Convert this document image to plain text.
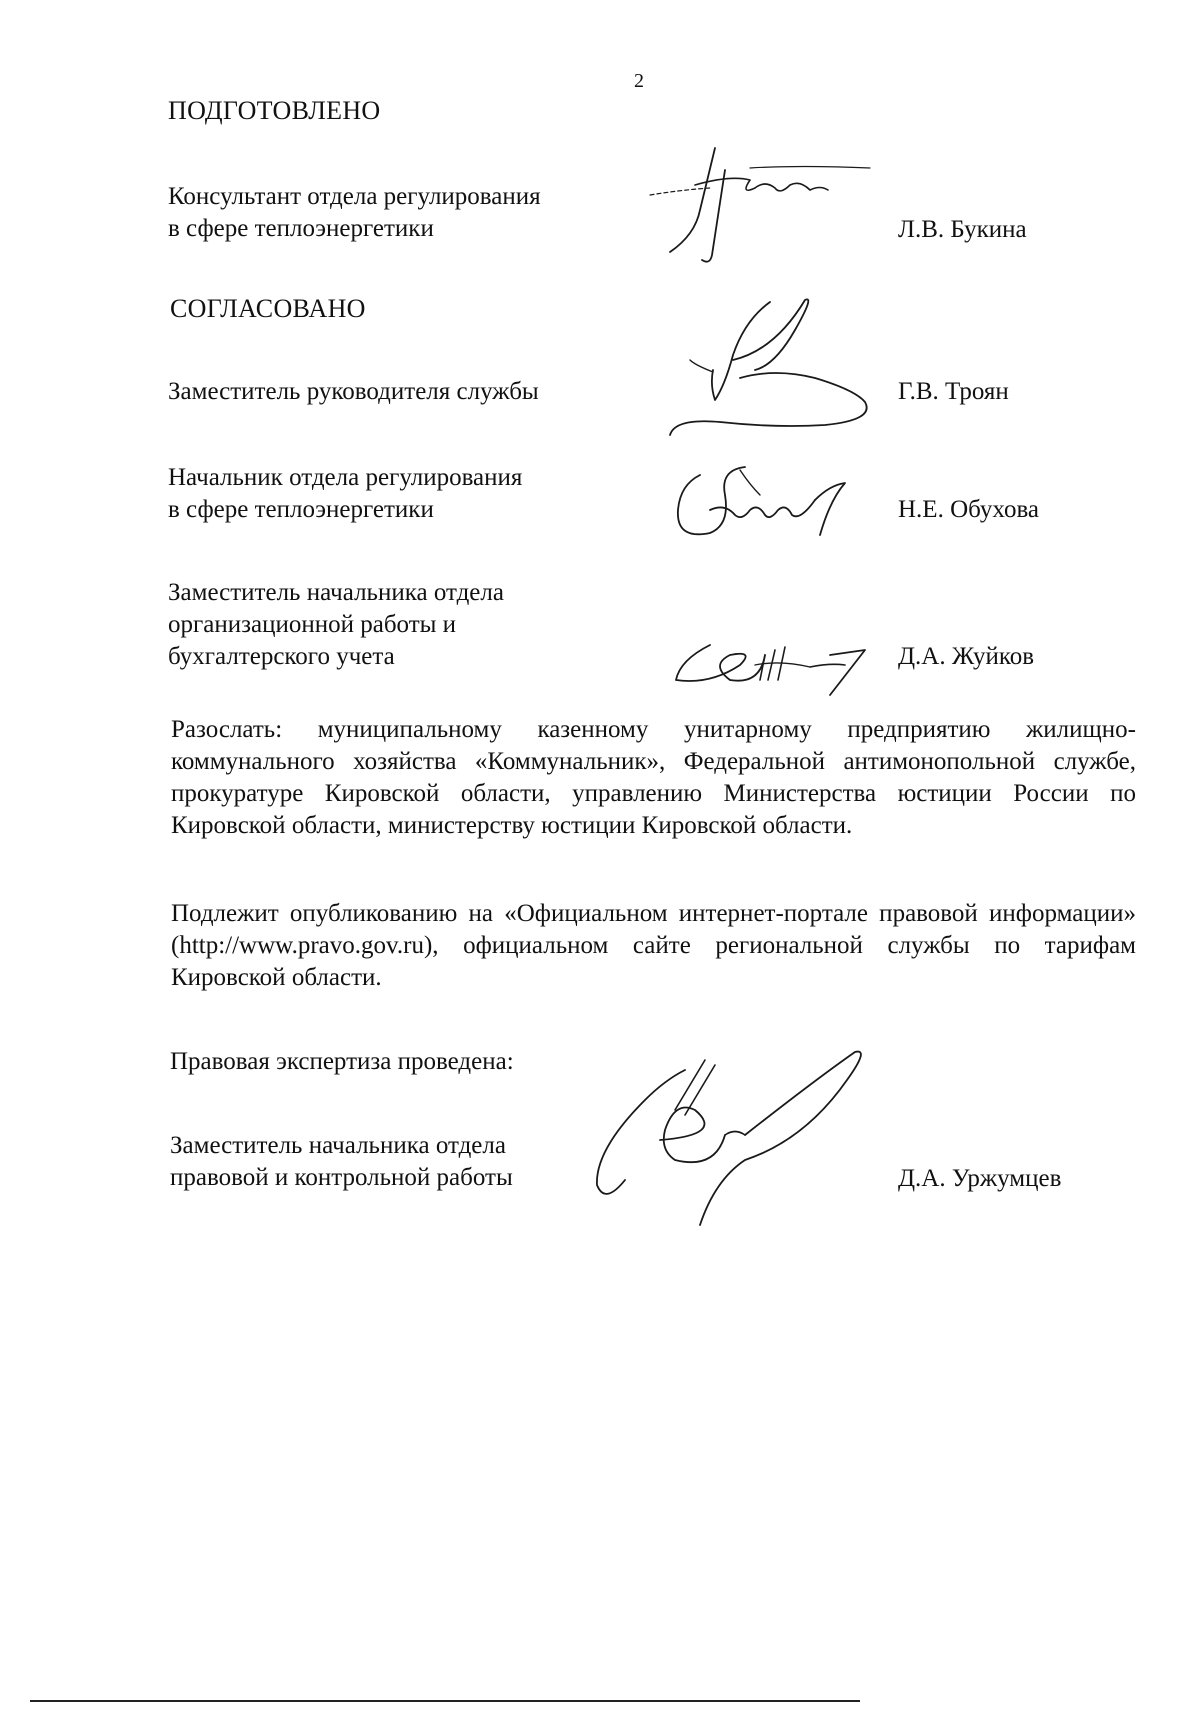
2
ПОДГОТОВЛЕНО
Консультант отдела регулирования
в сфере теплоэнергетики	Л.В. Букина
СОГЛАСОВАНО
Заместитель руководителя службы	Г.В. Троян
Начальник отдела регулирования
в сфере теплоэнергетики	Н.Е. Обухова
Заместитель начальника отдела
организационной работы и
бухгалтерского учета	Д.А. Жуйков
Разослать: муниципальному казенному унитарному предприятию жилищно-коммунального хозяйства «Коммунальник», Федеральной антимонопольной службе, прокуратуре Кировской области, управлению Министерства юстиции России по Кировской области, министерству юстиции Кировской области.
Подлежит опубликованию на «Официальном интернет-портале правовой информации» (http://www.pravo.gov.ru), официальном сайте региональной службы по тарифам Кировской области.
Правовая экспертиза проведена:
Заместитель начальника отдела
правовой и контрольной работы	Д.А. Уржумцев
